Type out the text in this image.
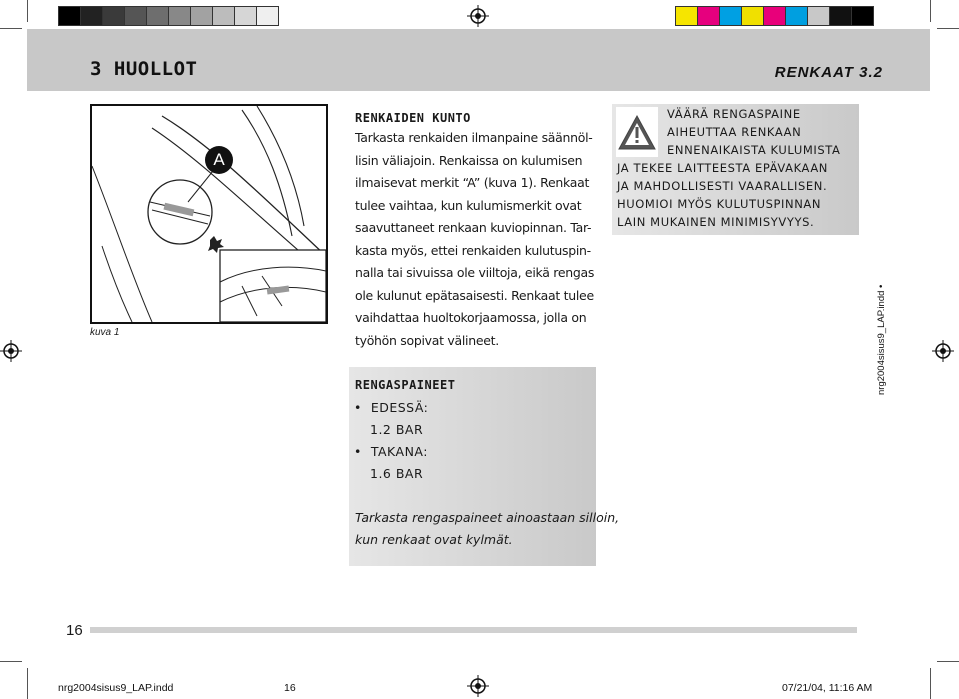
3 HUOLLOT	RENKAAT 3.2
A
kuva 1
RENKAIDEN KUNTO
Tarkasta renkaiden ilmanpaine säännöl-
lisin väliajoin. Renkaissa on kulumisen
ilmaisevat merkit “A” (kuva 1). Renkaat
tulee vaihtaa, kun kulumismerkit ovat
saavuttaneet renkaan kuviopinnan. Tar-
kasta myös, ettei renkaiden kulutuspin-
nalla tai sivuissa ole viiltoja, eikä rengas
ole kulunut epätasaisesti. Renkaat tulee
vaihdattaa huoltokorjaamossa, jolla on
työhön sopivat välineet.
RENGASPAINEET
•  EDESSÄ:
1.2 BAR
•  TAKANA:
1.6 BAR
Tarkasta rengaspaineet ainoastaan silloin,
kun renkaat ovat kylmät.
VÄÄRÄ RENGASPAINE
AIHEUTTAA RENKAAN
ENNENAIKAISTA KULUMISTA
JA TEKEE LAITTEESTA EPÄVAKAAN
JA MAHDOLLISESTI VAARALLISEN.
HUOMIOI MYÖS KULUTUSPINNAN
LAIN MUKAINEN MINIMISYVYYS.
nrg2004sisus9_LAP.indd •
16
nrg2004sisus9_LAP.indd	16	07/21/04, 11:16 AM
